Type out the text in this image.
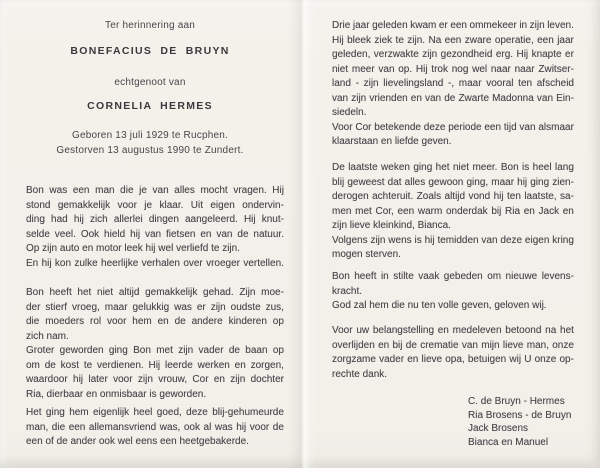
Ter herinnering aan
BONEFACIUS DE BRUYN
echtgenoot van
CORNELIA HERMES
Geboren 13 juli 1929 te Rucphen.
Gestorven 13 augustus 1990 te Zundert.
Bon was een man die je van alles mocht vragen. Hij
stond gemakkelijk voor je klaar. Uit eigen ondervin-
ding had hij zich allerlei dingen aangeleerd. Hij knut-
selde veel. Ook hield hij van fietsen en van de natuur.
Op zijn auto en motor leek hij wel verliefd te zijn.
En hij kon zulke heerlijke verhalen over vroeger vertellen.
Bon heeft het niet altijd gemakkelijk gehad. Zijn moe-
der stierf vroeg, maar gelukkig was er zijn oudste zus,
die moeders rol voor hem en de andere kinderen op
zich nam.
Groter geworden ging Bon met zijn vader de baan op
om de kost te verdienen. Hij leerde werken en zorgen,
waardoor hij later voor zijn vrouw, Cor en zijn dochter
Ria, dierbaar en onmisbaar is geworden.
Het ging hem eigenlijk heel goed, deze blij-gehumeurde
man, die een allemansvriend was, ook al was hij voor de
een of de ander ook wel eens een heetgebakerde.
Drie jaar geleden kwam er een ommekeer in zijn leven.
Hij bleek ziek te zijn. Na een zware operatie, een jaar
geleden, verzwakte zijn gezondheid erg. Hij knapte er
niet meer van op. Hij trok nog wel naar naar Zwitser-
land - zijn lievelingsland -, maar vooral ten afscheid
van zijn vrienden en van de Zwarte Madonna van Ein-
siedeln.
Voor Cor betekende deze periode een tijd van alsmaar
klaarstaan en liefde geven.
De laatste weken ging het niet meer. Bon is heel lang
blij geweest dat alles gewoon ging, maar hij ging zien-
derogen achteruit. Zoals altijd vond hij ten laatste, sa-
men met Cor, een warm onderdak bij Ria en Jack en
zijn lieve kleinkind, Bianca.
Volgens zijn wens is hij temidden van deze eigen kring
mogen sterven.
Bon heeft in stilte vaak gebeden om nieuwe levens-
kracht.
God zal hem die nu ten volle geven, geloven wij.
Voor uw belangstelling en medeleven betoond na het
overlijden en bij de crematie van mijn lieve man, onze
zorgzame vader en lieve opa, betuigen wij U onze op-
rechte dank.
C. de Bruyn - Hermes
Ria Brosens - de Bruyn
Jack Brosens
Bianca en Manuel
